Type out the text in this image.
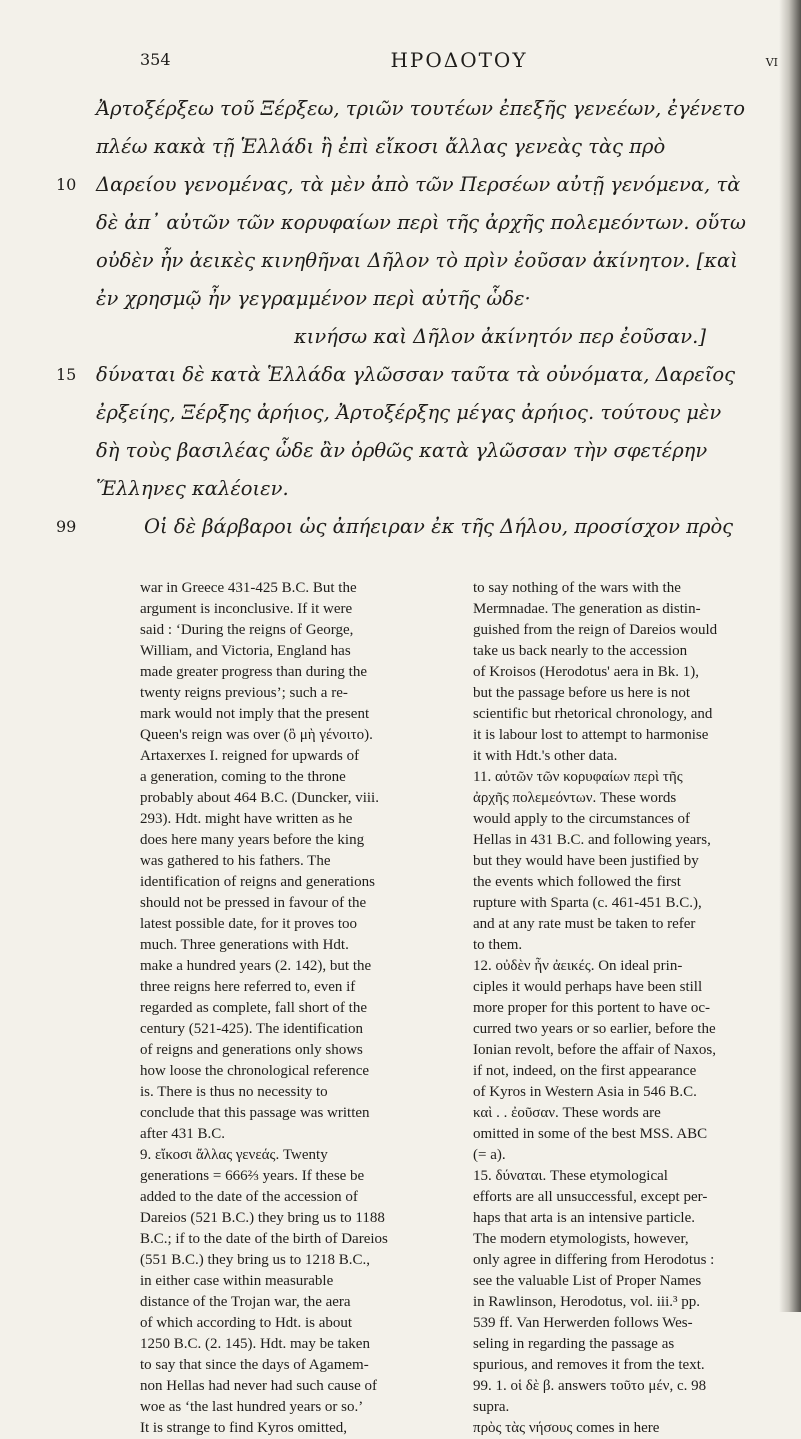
354	ΗΡΟΔΟΤΟΥ	VI
Ἀρτοξέρξεω τοῦ Ξέρξεω, τριῶν τουτέων ἐπεξῆς γενεέων, ἐγένετο
πλέω κακὰ τῇ Ἑλλάδι ἢ ἐπὶ εἴκοσι ἄλλας γενεὰς τὰς πρὸ
10 Δαρείου γενομένας, τὰ μὲν ἀπὸ τῶν Περσέων αὐτῇ γενόμενα, τὰ
δὲ ἀπ᾿ αὐτῶν τῶν κορυφαίων περὶ τῆς ἀρχῆς πολεμεόντων. οὕτω
οὐδὲν ἦν ἀεικὲς κινηθῆναι Δῆλον τὸ πρὶν ἐοῦσαν ἀκίνητον. [καὶ
ἐν χρησμῷ ἦν γεγραμμένον περὶ αὐτῆς ὧδε·
κινήσω καὶ Δῆλον ἀκίνητόν περ ἐοῦσαν.]
15 δύναται δὲ κατὰ Ἑλλάδα γλῶσσαν ταῦτα τὰ οὐνόματα, Δαρεῖος
ἐρξείης, Ξέρξης ἀρήιος, Ἀρτοξέρξης μέγας ἀρήιος. τούτους μὲν
δὴ τοὺς βασιλέας ὧδε ἂν ὀρθῶς κατὰ γλῶσσαν τὴν σφετέρην
Ἕλληνες καλέοιεν.
99	Οἱ δὲ βάρβαροι ὡς ἀπήειραν ἐκ τῆς Δήλου, προσίσχον πρὸς
war in Greece 431-425 B.C. But the
argument is inconclusive. If it were
said : ‘During the reigns of George,
William, and Victoria, England has
made greater progress than during the
twenty reigns previous’; such a re-
mark would not imply that the present
Queen's reign was over (ὃ μὴ γένοιτο).
Artaxerxes I. reigned for upwards of
a generation, coming to the throne
probably about 464 B.C. (Duncker, viii.
293). Hdt. might have written as he
does here many years before the king
was gathered to his fathers. The
identification of reigns and generations
should not be pressed in favour of the
latest possible date, for it proves too
much. Three generations with Hdt.
make a hundred years (2. 142), but the
three reigns here referred to, even if
regarded as complete, fall short of the
century (521-425). The identification
of reigns and generations only shows
how loose the chronological reference
is. There is thus no necessity to
conclude that this passage was written
after 431 B.C.
9. εἴκοσι ἄλλας γενεάς. Twenty
generations = 666⅔ years. If these be
added to the date of the accession of
Dareios (521 B.C.) they bring us to 1188
B.C.; if to the date of the birth of Dareios
(551 B.C.) they bring us to 1218 B.C.,
in either case within measurable
distance of the Trojan war, the aera
of which according to Hdt. is about
1250 B.C. (2. 145). Hdt. may be taken
to say that since the days of Agamem-
non Hellas had never had such cause of
woe as ‘the last hundred years or so.’
It is strange to find Kyros omitted,
to say nothing of the wars with the
Mermnadae. The generation as distin-
guished from the reign of Dareios would
take us back nearly to the accession
of Kroisos (Herodotus' aera in Bk. 1),
but the passage before us here is not
scientific but rhetorical chronology, and
it is labour lost to attempt to harmonise
it with Hdt.'s other data.
11. αὐτῶν τῶν κορυφαίων περὶ τῆς
ἀρχῆς πολεμεόντων. These words
would apply to the circumstances of
Hellas in 431 B.C. and following years,
but they would have been justified by
the events which followed the first
rupture with Sparta (c. 461-451 B.C.),
and at any rate must be taken to refer
to them.
12. οὐδὲν ἦν ἀεικές. On ideal prin-
ciples it would perhaps have been still
more proper for this portent to have oc-
curred two years or so earlier, before the
Ionian revolt, before the affair of Naxos,
if not, indeed, on the first appearance
of Kyros in Western Asia in 546 B.C.
καὶ . . ἐοῦσαν. These words are
omitted in some of the best MSS. ABC
(= a).
15. δύναται. These etymological
efforts are all unsuccessful, except per-
haps that arta is an intensive particle.
The modern etymologists, however,
only agree in differing from Herodotus :
see the valuable List of Proper Names
in Rawlinson, Herodotus, vol. iii.³ pp.
539 ff. Van Herwerden follows Wes-
seling in regarding the passage as
spurious, and removes it from the text.
99. 1. οἱ δὲ β. answers τοῦτο μέν, c. 98
supra.
πρὸς τὰς νήσους comes in here
